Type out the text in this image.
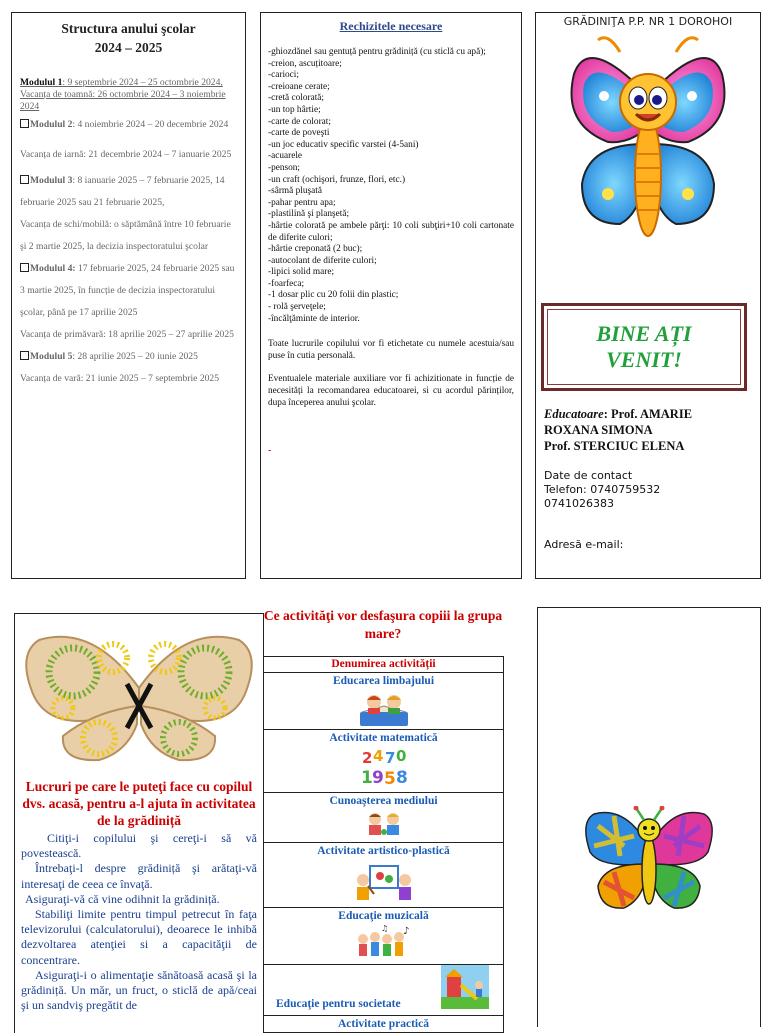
Structura anului şcolar
2024 – 2025
Modulul 1: 9 septembrie 2024 – 25 octombrie 2024,
Vacanța de toamnă: 26 octombrie 2024 – 3 noiembrie 2024
Modulul 2: 4 noiembrie 2024 – 20 decembrie 2024
Vacanța de iarnă: 21 decembrie 2024 – 7 ianuarie 2025
Modulul 3: 8 ianuarie 2025 – 7 februarie 2025, 14 februarie 2025 sau 21 februarie 2025,
Vacanța de schi/mobilă: o săptămână între 10 februarie şi 2 martie 2025, la decizia inspectoratului şcolar
Modulul 4: 17 februarie 2025, 24 februarie 2025 sau 3 martie 2025, în funcție de decizia inspectoratului şcolar, până pe 17 aprilie 2025
Vacanța de primăvară: 18 aprilie 2025 – 27 aprilie 2025
Modulul 5: 28 aprilie 2025 – 20 iunie 2025
Vacanța de vară: 21 iunie 2025 – 7 septembrie 2025
Rechizitele necesare
-ghiozdănel sau gentuță pentru grădiniță (cu sticlă cu apă);
-creion, ascuțitoare;
-carioci;
-creioane cerate;
-cretă colorată;
-un top hârtie;
-carte de colorat;
-carte de poveşti
-un joc educativ specific varstei (4-5ani)
-acuarele
-penson;
-un craft (ochişori, frunze, flori, etc.)
-sârmă pluşată
-pahar pentru apa;
-plastilină şi planşetă;
-hârtie colorată pe ambele părţi: 10 coli subţiri+10 coli cartonate de diferite culori;
-hârtie creponată (2 buc);
-autocolant de diferite culori;
-lipici solid mare;
-foarfeca;
-1 dosar plic cu 20 folii din plastic;
- rolă şerveţele;
-încălţăminte de interior.
Toate lucrurile copilului vor fi etichetate cu numele acestuia/sau puse în cutia personală.
Eventualele materiale auxiliare vor fi achizitionate in funcție de necesități la recomandarea educatoarei, si cu acordul părinților, dupa începerea anului şcolar.
-
GRĂDINIŢA P.P. NR 1 DOROHOI
BINE AȚI
VENIT!
Educatoare: Prof. AMARIE ROXANA SIMONA
Prof. STERCIUC ELENA
Date de contact
Telefon: 0740759532
0741026383
Adresă e-mail:
Lucruri pe care le puteţi face cu copilul dvs. acasă, pentru a-l ajuta în activitatea de la grădiniță

Citiţi-i copilului şi cereţi-i să vă povestească.

Întrebaţi-l despre grădiniță şi arătaţi-vă interesaţi de ceea ce învaţă.

Asiguraţi-vă că vine odihnit la grădiniță.

Stabiliţi limite pentru timpul petrecut în faţa televizorului (calculatorului), deoarece le inhibă dezvoltarea atenţiei si a capacităţii de concentrare.

Asiguraţi-i o alimentaţie sănătoasă acasă şi la grădiniță. Un măr, un fruct, o sticlă de apă/ceai şi un sandviş pregătit de

Ce activităţi vor desfaşura copiii la grupa mare?
Denumirea activității
Educarea limbajului
Activitate matematică
2 4 7 0
1 9 5 8
Cunoaşterea mediului
Activitate artistico-plastică
Educaţie muzicală
♪
♫
Educaţie pentru societate
Activitate practică
